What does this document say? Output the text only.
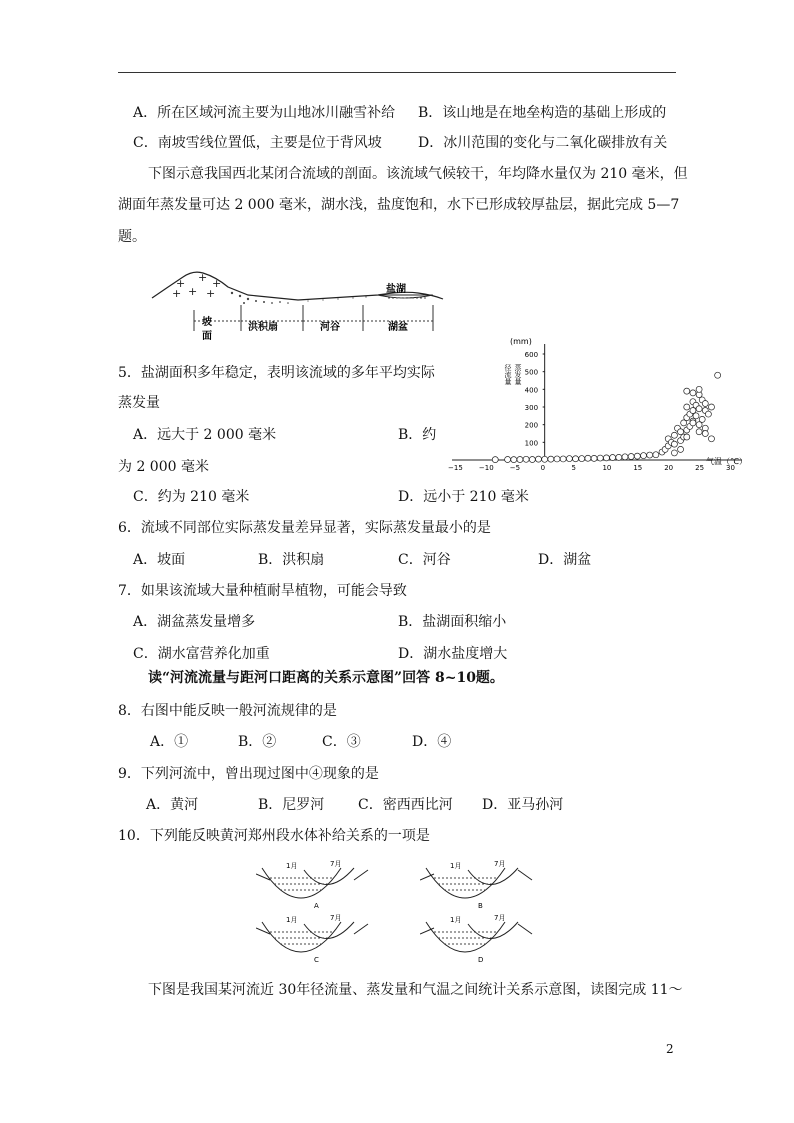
A．所在区域河流主要为山地冰川融雪补给 B．该山地是在地垒构造的基础上形成的
C．南坡雪线位置低，主要是位于背风坡	D．冰川范围的变化与二氧化碳排放有关
下图示意我国西北某闭合流域的剖面。该流域气候较干，年均降水量仅为 210 毫米，但
湖面年蒸发量可达 2 000 毫米，湖水浅，盐度饱和，水下已形成较厚盐层，据此完成 5—7
题。
+ + +
+ + +	盐湖
坡
面
洪积扇	河谷	湖盆
(mm)
径流量 蒸发量
气温（℃）
−15 −10 −5	0	5	10	15	20	25	30
100
200
300
400
500
600
5．盐湖面积多年稳定，表明该流域的多年平均实际
蒸发量
A．远大于 2 000 毫米	B．约
为 2 000 毫米
C．约为 210 毫米	D．远小于 210 毫米
6．流域不同部位实际蒸发量差异显著，实际蒸发量最小的是
A．坡面	B．洪积扇	C．河谷	D．湖盆
7．如果该流域大量种植耐旱植物，可能会导致
A．湖盆蒸发量增多	B．盐湖面积缩小
C．湖水富营养化加重	D．湖水盐度增大
读“河流流量与距河口距离的关系示意图”回答 8~10题。
8．右图中能反映一般河流规律的是
A．①	B．②	C．③	D．④
9．下列河流中，曾出现过图中④现象的是
A．黄河	B．尼罗河 C．密西西比河 D．亚马孙河
10．下列能反映黄河郑州段水体补给关系的一项是
1月	7月
A
1月	7月
B
1月	7月
C
1月	7月
D
下图是我国某河流近 30年径流量、蒸发量和气温之间统计关系示意图，读图完成 11～
2
